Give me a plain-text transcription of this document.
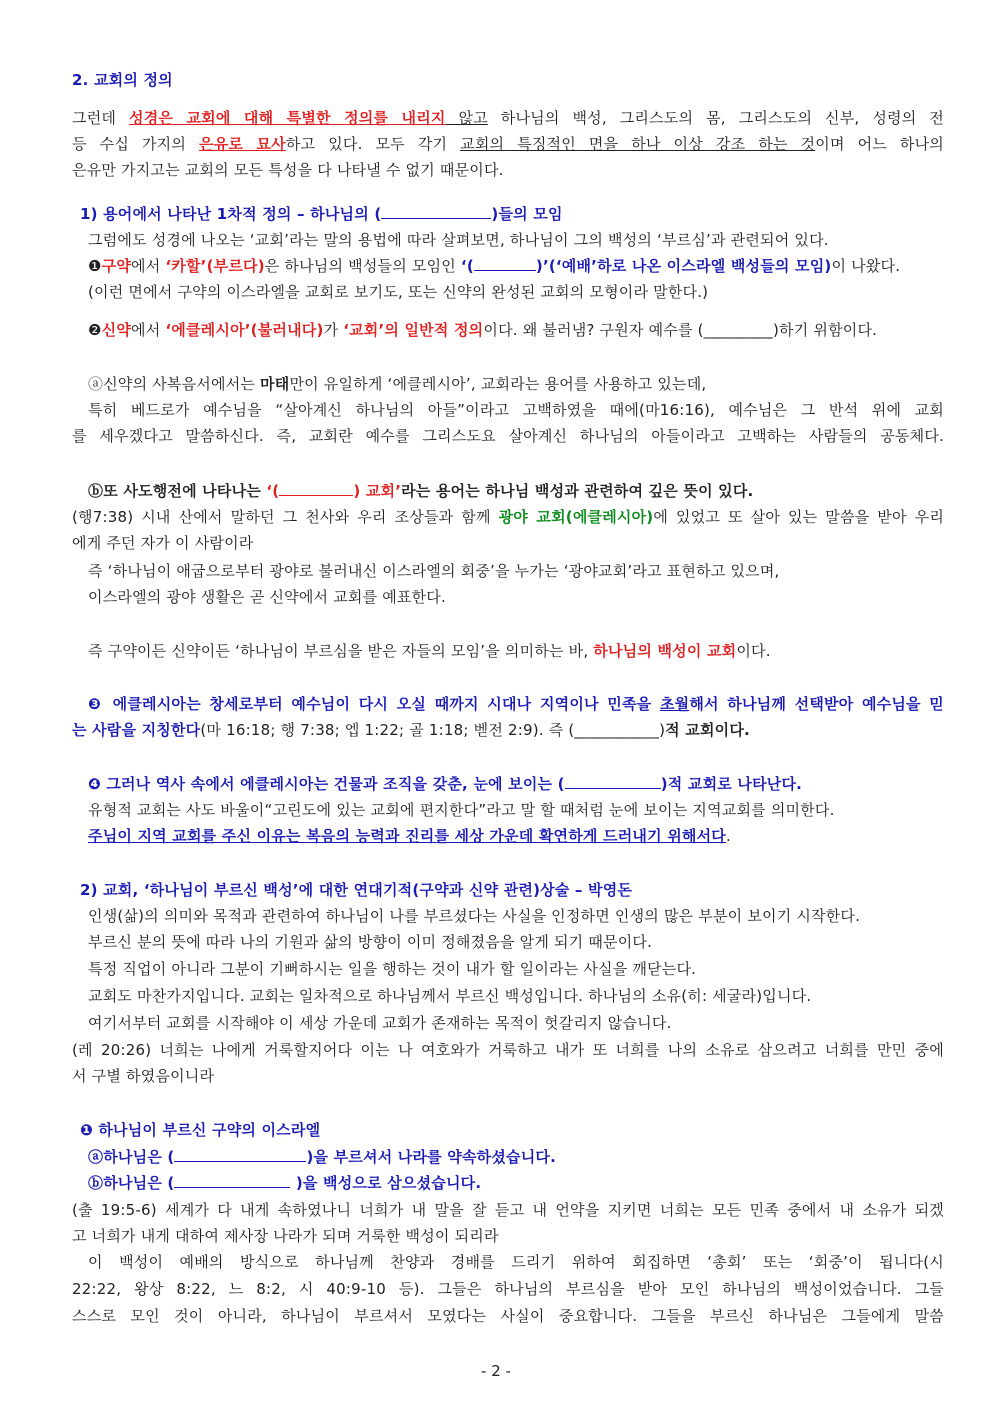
2. 교회의 정의
그런데 성경은 교회에 대해 특별한 정의를 내리지 않고 하나님의 백성, 그리스도의 몸, 그리스도의 신부, 성령의 전
등 수십 가지의 은유로 묘사하고 있다. 모두 각기 교회의 특징적인 면을 하나 이상 강조 하는 것이며 어느 하나의
은유만 가지고는 교회의 모든 특성을 다 나타낼 수 없기 때문이다.
1) 용어에서 나타난 1차적 정의 – 하나님의 (	)들의 모임
그럼에도 성경에 나오는 ‘교회’라는 말의 용법에 따라 살펴보면, 하나님이 그의 백성의 ‘부르심’과 관련되어 있다.
❶구약에서 ‘카할’(부르다)은 하나님의 백성들의 모임인 ‘(	)’(‘예배’하로 나온 이스라엘 백성들의 모임)이 나왔다.
(이런 면에서 구약의 이스라엘을 교회로 보기도, 또는 신약의 완성된 교회의 모형이라 말한다.)
❷신약에서 ‘에클레시아’(불러내다)가 ‘교회’의 일반적 정의이다. 왜 불러냄? 구원자 예수를 (_________)하기 위함이다.
ⓐ신약의 사복음서에서는 마태만이 유일하게 ‘에클레시아’, 교회라는 용어를 사용하고 있는데,
특히 베드로가 예수님을 “살아계신 하나님의 아들”이라고 고백하였을 때에(마16:16), 예수님은 그 반석 위에 교회
를 세우겠다고 말씀하신다. 즉, 교회란 예수를 그리스도요 살아계신 하나님의 아들이라고 고백하는 사람들의 공동체다.
ⓑ또 사도행전에 나타나는 ‘(	) 교회’라는 용어는 하나님 백성과 관련하여 깊은 뜻이 있다.
(행7:38) 시내 산에서 말하던 그 천사와 우리 조상들과 함께 광야 교회(에클레시아)에 있었고 또 살아 있는 말씀을 받아 우리
에게 주던 자가 이 사람이라
즉 ‘하나님이 애굽으로부터 광야로 불러내신 이스라엘의 회중’을 누가는 ‘광야교회’라고 표현하고 있으며,
이스라엘의 광야 생활은 곧 신약에서 교회를 예표한다.
즉 구약이든 신약이든 ‘하나님이 부르심을 받은 자들의 모임’을 의미하는 바, 하나님의 백성이 교회이다.
❸ 에클레시아는 창세로부터 예수님이 다시 오실 때까지 시대나 지역이나 민족을 초월해서 하나님께 선택받아 예수님을 믿
는 사람을 지칭한다(마 16:18; 행 7:38; 엡 1:22; 골 1:18; 벧전 2:9). 즉 (___________)적 교회이다.
❹ 그러나 역사 속에서 에클레시아는 건물과 조직을 갖춘, 눈에 보이는 (	)적 교회로 나타난다.
유형적 교회는 사도 바울이“고린도에 있는 교회에 편지한다”라고 말 할 때처럼 눈에 보이는 지역교회를 의미한다.
주님이 지역 교회를 주신 이유는 복음의 능력과 진리를 세상 가운데 확연하게 드러내기 위해서다.
2) 교회, ‘하나님이 부르신 백성’에 대한 연대기적(구약과 신약 관련)상술 – 박영돈
인생(삶)의 의미와 목적과 관련하여 하나님이 나를 부르셨다는 사실을 인정하면 인생의 많은 부분이 보이기 시작한다.
부르신 분의 뜻에 따라 나의 기원과 삶의 방향이 이미 정해졌음을 알게 되기 때문이다.
특정 직업이 아니라 그분이 기뻐하시는 일을 행하는 것이 내가 할 일이라는 사실을 깨닫는다.
교회도 마찬가지입니다. 교회는 일차적으로 하나님께서 부르신 백성입니다. 하나님의 소유(히: 세굴라)입니다.
여기서부터 교회를 시작해야 이 세상 가운데 교회가 존재하는 목적이 헛갈리지 않습니다.
(레 20:26) 너희는 나에게 거룩할지어다 이는 나 여호와가 거룩하고 내가 또 너희를 나의 소유로 삼으려고 너희를 만민 중에
서 구별 하였음이니라
❶ 하나님이 부르신 구약의 이스라엘
ⓐ하나님은 (	)을 부르셔서 나라를 약속하셨습니다.
ⓑ하나님은 (	)을 백성으로 삼으셨습니다.
(출 19:5-6) 세계가 다 내게 속하였나니 너희가 내 말을 잘 듣고 내 언약을 지키면 너희는 모든 민족 중에서 내 소유가 되겠
고 너희가 내게 대하여 제사장 나라가 되며 거룩한 백성이 되리라
이 백성이 예배의 방식으로 하나님께 찬양과 경배를 드리기 위하여 회집하면 ‘총회’ 또는 ‘회중’이 됩니다(시
22:22, 왕상 8:22, 느 8:2, 시 40:9-10 등). 그들은 하나님의 부르심을 받아 모인 하나님의 백성이었습니다. 그들
스스로 모인 것이 아니라, 하나님이 부르셔서 모였다는 사실이 중요합니다. 그들을 부르신 하나님은 그들에게 말씀
- 2 -
